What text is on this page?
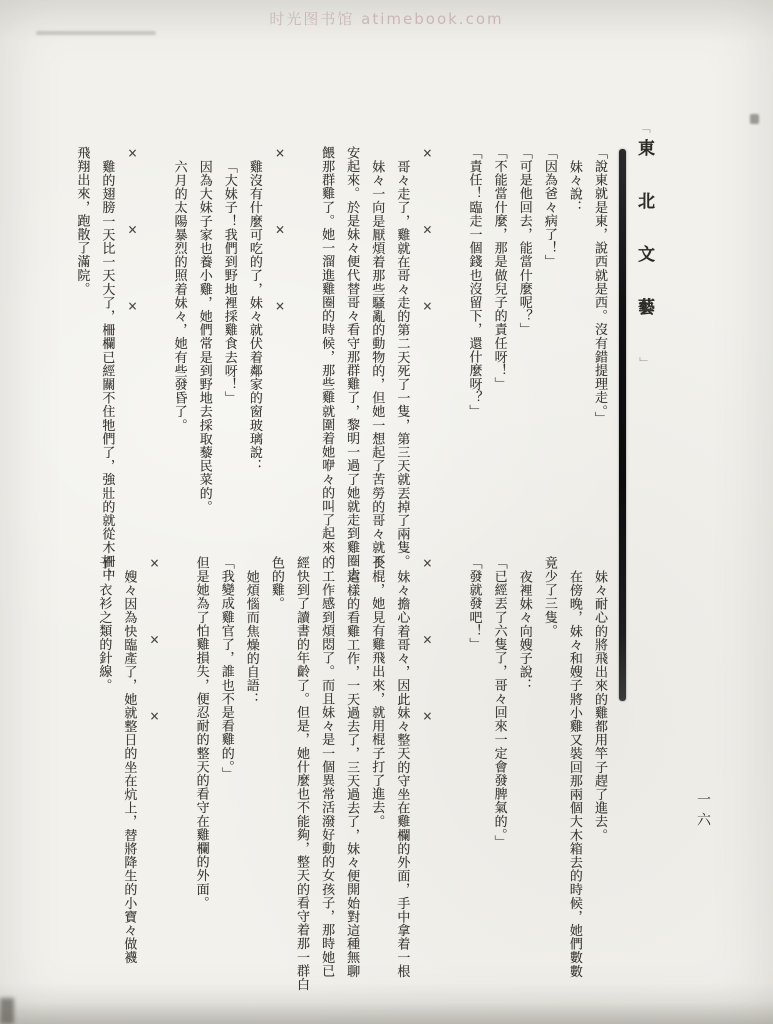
时光图书馆 atimebook.com
「 東北文藝 」

「說東就是東，說西就是西。沒有錯提理走。」

妹々說：

「因為爸々病了！」

「可是他回去，能當什麼呢？」

「不能當什麼，那是做兒子的責任呀！」

「責任！臨走一個錢也沒留下，還什麼呀？」

×××

哥々走了，雞就在哥々走的第二天死了一隻，第三天就丟掉了兩隻。

妹々一向是厭煩着那些騷亂的動物的，但她一想起了苦勞的哥々就不

安起來。於是妹々便代替哥々看守那群雞了，黎明一過了她就走到雞圈去

餵那群雞了。她一溜進雞圈的時候，那些雞就圍着她咿々的叫了起來。

×××

雞沒有什麼可吃的了，妹々就伏着鄰家的窗玻璃說：

「大妹子！我們到野地裡採雞食去呀！」

因為大妹子家也養小雞，她們常是到野地去採取藜民菜的。

六月的太陽暴烈的照着妹々，她有些發昏了。

×××

雞的翅膀一天比一天大了，柵欄已經關不住牠們了，強壯的就從木柵中

飛翔出來，跑散了滿院。

妹々耐心的將飛出來的雞都用竿子趕了進去。

在傍晚，妹々和嫂子將小雞又裝回那兩個大木箱去的時候，她們數數

竟少了三隻。

夜裡妹々向嫂子說：

「已經丟了六隻了，哥々回來一定會發脾氣的。」

「發就發吧！」

×××

妹々擔心着哥々，因此妹々整天的守坐在雞欄的外面，手中拿着一根

長棍，她見有雞飛出來，就用棍子打了進去。

這樣的看雞工作，一天過去了，三天過去了，妹々便開始對這種無聊

的工作感到煩悶了。而且妹々是一個異常活潑好動的女孩子，那時她已

經快到了讀書的年齡了。但是，她什麼也不能夠，整天的看守着那一群白

色的雞。

她煩惱而焦燥的自語：

「我變成雞官了，誰也不是看雞的。」

但是她為了怕雞損失，便忍耐的整天的看守在雞欄的外面。

×××

嫂々因為快臨產了，她就整日的坐在炕上，替將降生的小寶々做襪

子，衣衫之類的針線。

一六
